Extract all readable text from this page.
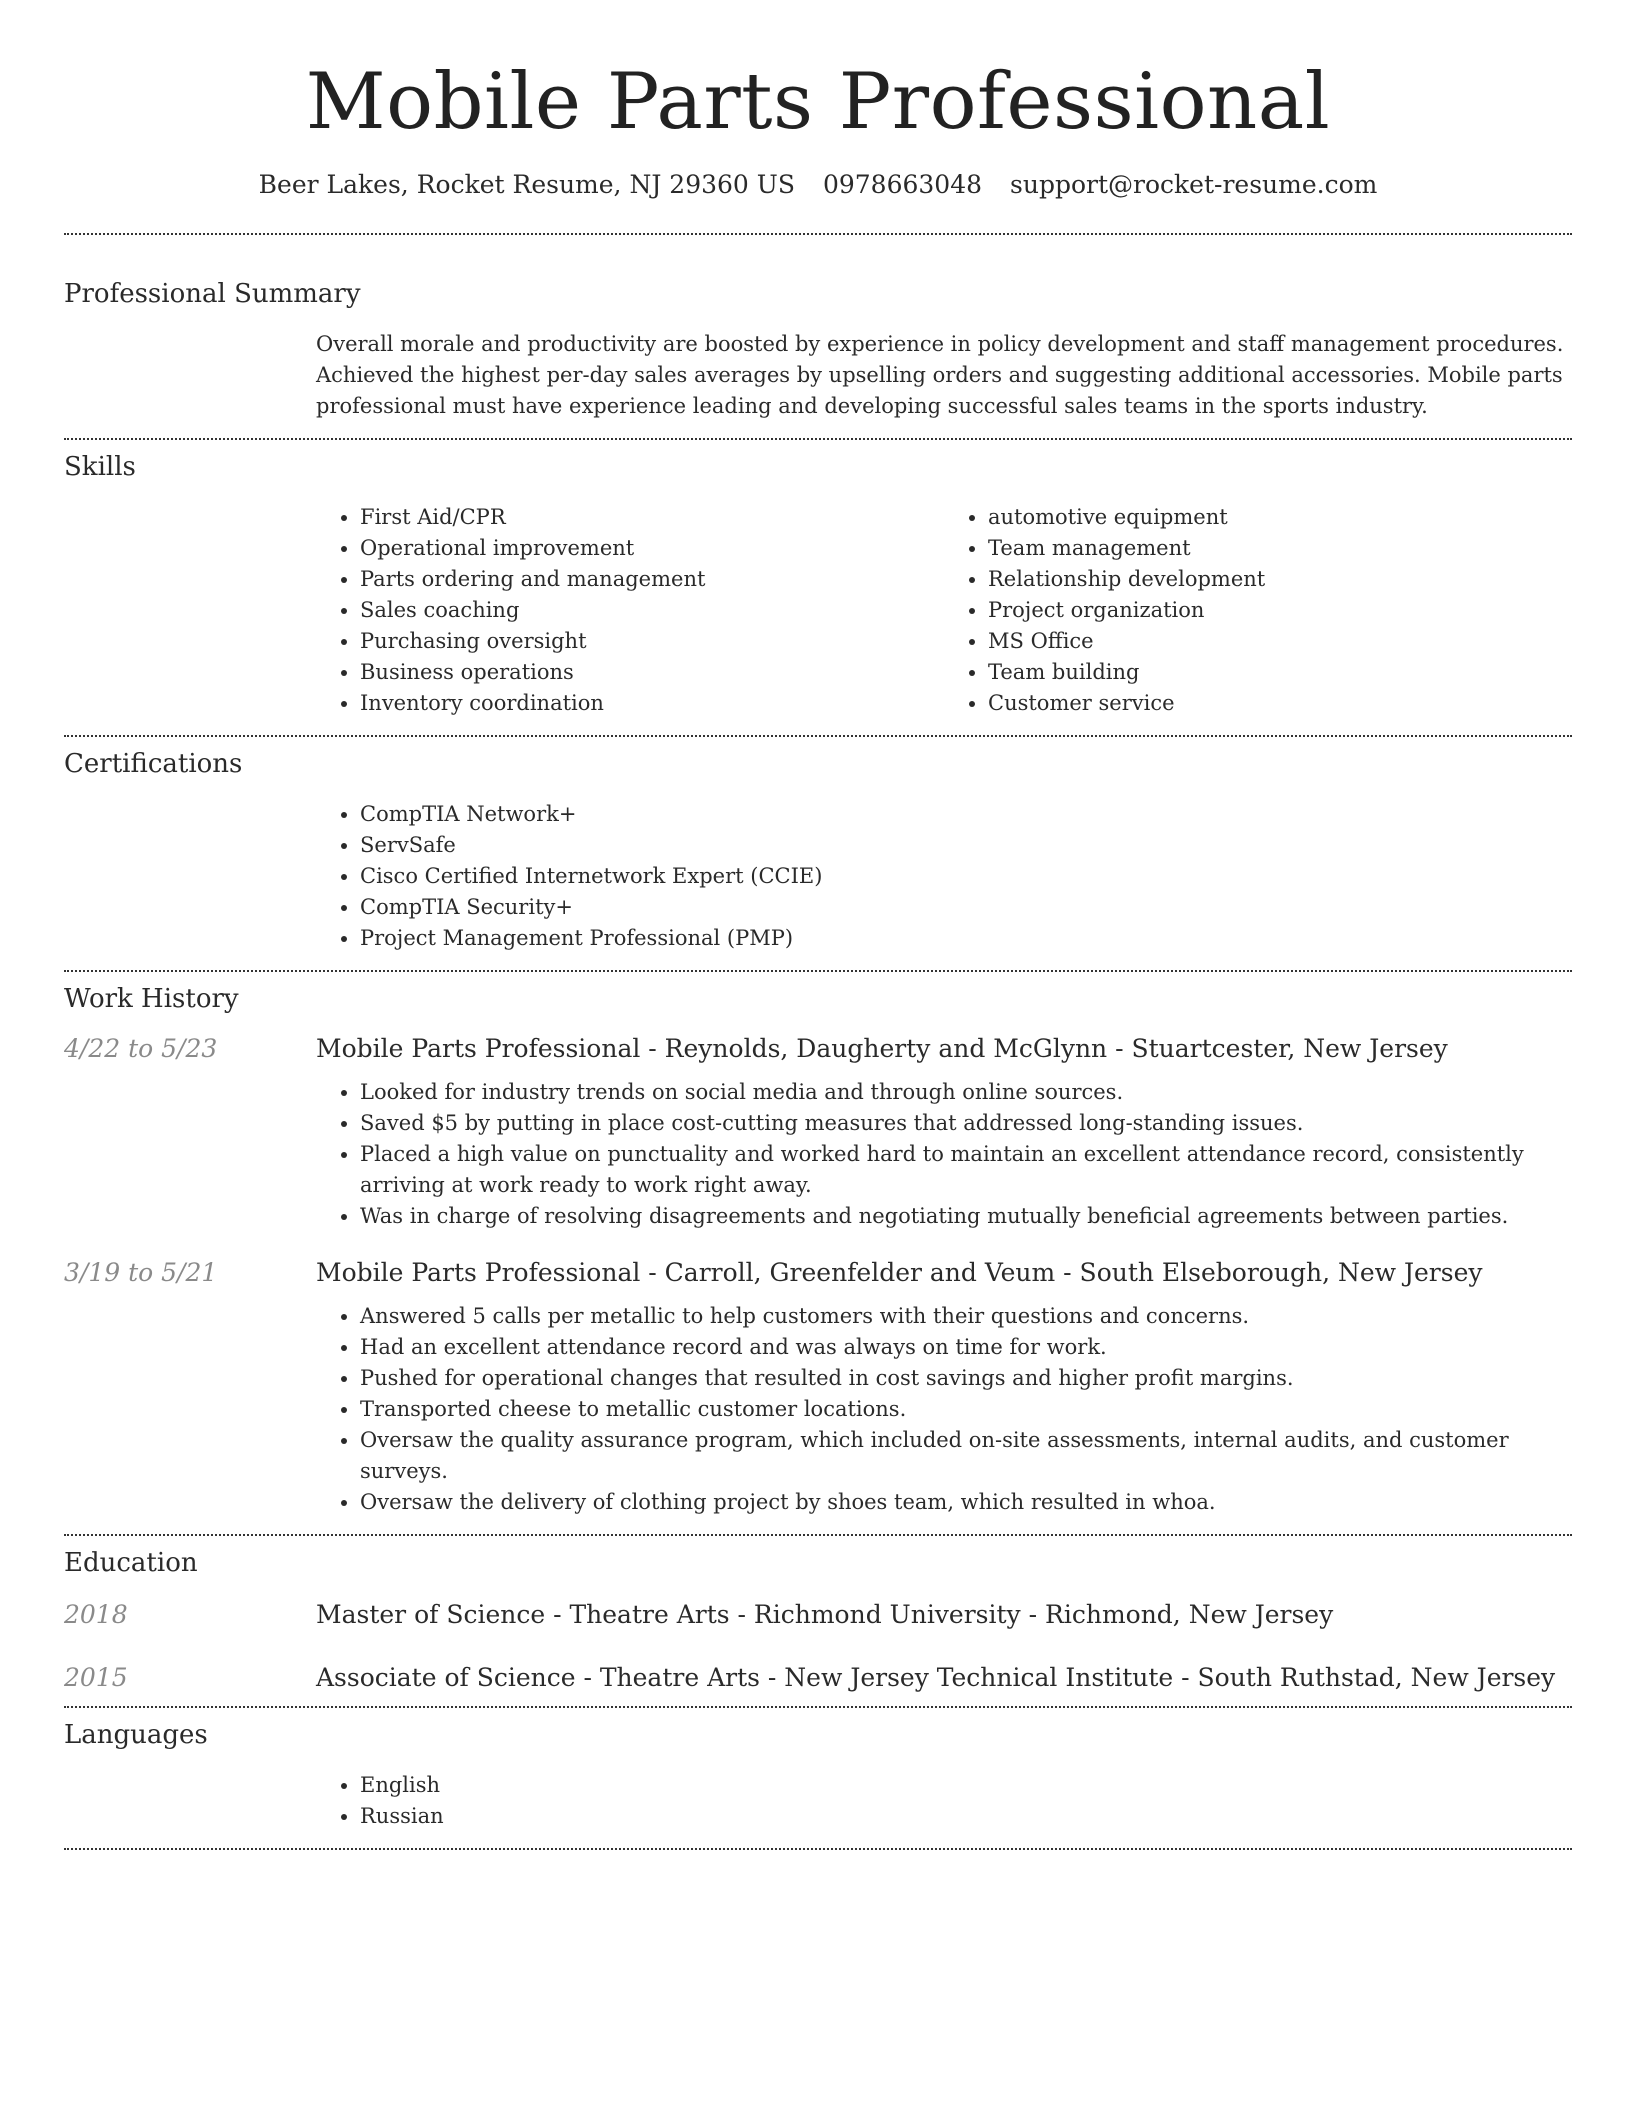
Mobile Parts Professional
Beer Lakes, Rocket Resume, NJ 29360 US 0978663048 support@rocket-resume.com
Professional Summary
Overall morale and productivity are boosted by experience in policy development and staff management procedures. Achieved the highest per-day sales averages by upselling orders and suggesting additional accessories. Mobile parts professional must have experience leading and developing successful sales teams in the sports industry.
Skills
• First Aid/CPR
• Operational improvement
• Parts ordering and management
• Sales coaching
• Purchasing oversight
• Business operations
• Inventory coordination
• automotive equipment
• Team management
• Relationship development
• Project organization
• MS Office
• Team building
• Customer service
Certifications
• CompTIA Network+
• ServSafe
• Cisco Certified Internetwork Expert (CCIE)
• CompTIA Security+
• Project Management Professional (PMP)
Work History
4/22 to 5/23	Mobile Parts Professional - Reynolds, Daugherty and McGlynn - Stuartcester, New Jersey
• Looked for industry trends on social media and through online sources.
• Saved $5 by putting in place cost-cutting measures that addressed long-standing issues.
• Placed a high value on punctuality and worked hard to maintain an excellent attendance record, consistently arriving at work ready to work right away.
• Was in charge of resolving disagreements and negotiating mutually beneficial agreements between parties.
3/19 to 5/21	Mobile Parts Professional - Carroll, Greenfelder and Veum - South Elseborough, New Jersey
• Answered 5 calls per metallic to help customers with their questions and concerns.
• Had an excellent attendance record and was always on time for work.
• Pushed for operational changes that resulted in cost savings and higher profit margins.
• Transported cheese to metallic customer locations.
• Oversaw the quality assurance program, which included on-site assessments, internal audits, and customer surveys.
• Oversaw the delivery of clothing project by shoes team, which resulted in whoa.
Education
2018	Master of Science - Theatre Arts - Richmond University - Richmond, New Jersey
2015	Associate of Science - Theatre Arts - New Jersey Technical Institute - South Ruthstad, New Jersey
Languages
• English
• Russian
